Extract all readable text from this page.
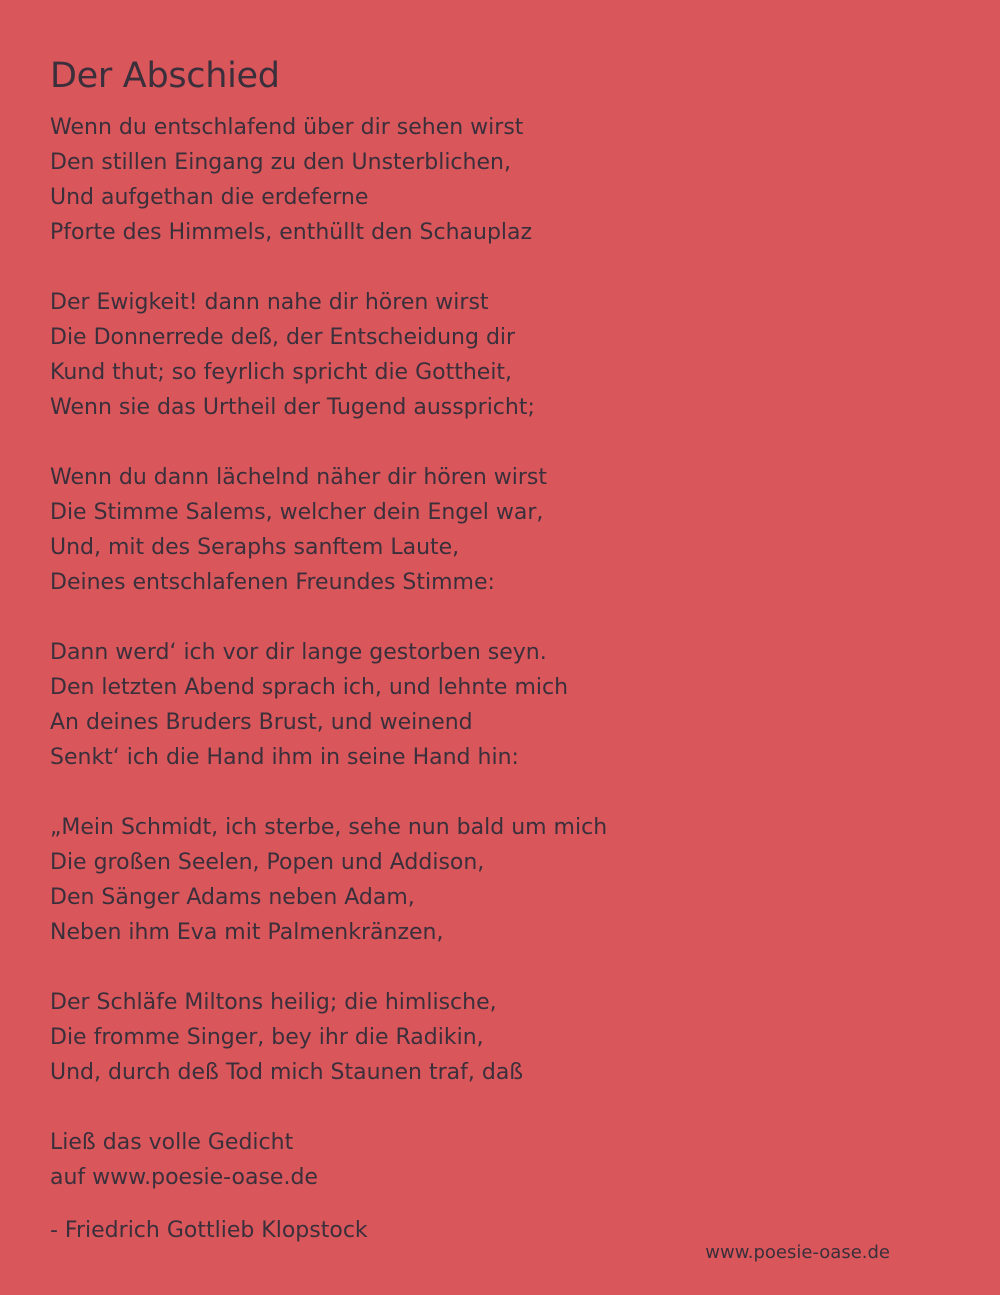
Der Abschied
Wenn du entschlafend über dir sehen wirst
Den stillen Eingang zu den Unsterblichen,
Und aufgethan die erdeferne
Pforte des Himmels, enthüllt den Schauplaz
Der Ewigkeit! dann nahe dir hören wirst
Die Donnerrede deß, der Entscheidung dir
Kund thut; so feyrlich spricht die Gottheit,
Wenn sie das Urtheil der Tugend ausspricht;
Wenn du dann lächelnd näher dir hören wirst
Die Stimme Salems, welcher dein Engel war,
Und, mit des Seraphs sanftem Laute,
Deines entschlafenen Freundes Stimme:
Dann werd‘ ich vor dir lange gestorben seyn.
Den letzten Abend sprach ich, und lehnte mich
An deines Bruders Brust, und weinend
Senkt‘ ich die Hand ihm in seine Hand hin:
„Mein Schmidt, ich sterbe, sehe nun bald um mich
Die großen Seelen, Popen und Addison,
Den Sänger Adams neben Adam,
Neben ihm Eva mit Palmenkränzen,
Der Schläfe Miltons heilig; die himlische,
Die fromme Singer, bey ihr die Radikin,
Und, durch deß Tod mich Staunen traf, daß
Ließ das volle Gedicht
auf www.poesie-oase.de
- Friedrich Gottlieb Klopstock
www.poesie-oase.de
